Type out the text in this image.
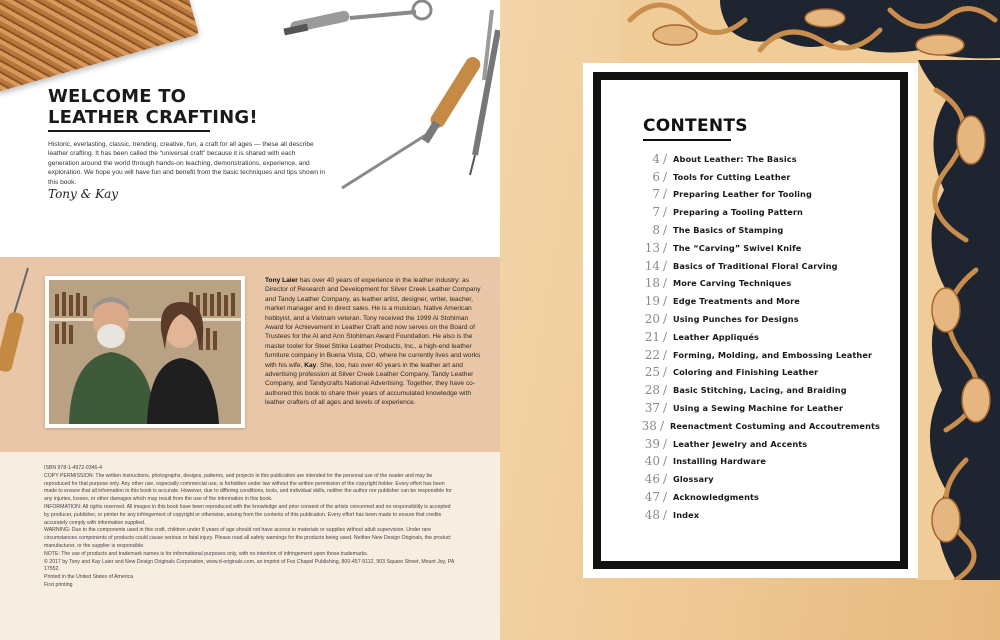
WELCOME TO
LEATHER CRAFTING!
Historic, everlasting, classic, trending, creative, fun, a craft for all ages — these all describe leather crafting. It has been called the “universal craft” because it is shared with each generation around the world through hands-on teaching, demonstrations, experience, and exploration. We hope you will have fun and benefit from the basic techniques and tips shown in this book.
Tony & Kay
Tony Laier has over 40 years of experience in the leather industry: as Director of Research and Development for Silver Creek Leather Company and Tandy Leather Company, as leather artist, designer, writer, teacher, market manager and in direct sales. He is a musician, Native American hobbyist, and a Vietnam veteran. Tony received the 1999 Al Stohlman Award for Achievement in Leather Craft and now serves on the Board of Trustees for the Al and Ann Stohlman Award Foundation. He also is the master tooler for Steel Strike Leather Products, Inc., a high-end leather furniture company in Buena Vista, CO, where he currently lives and works with his wife, Kay. She, too, has over 40 years in the leather art and advertising profession at Silver Creek Leather Company, Tandy Leather Company, and Tandycrafts National Advertising. Together, they have co-authored this book to share their years of accumulated knowledge with leather crafters of all ages and levels of experience.
ISBN 978-1-4972-0346-4
COPY PERMISSION: The written instructions, photographs, designs, patterns, and projects in this publication are intended for the personal use of the reader and may be reproduced for that purpose only. Any other use, especially commercial use, is forbidden under law without the written permission of the copyright holder. Every effort has been made to ensure that all information in this book is accurate. However, due to differing conditions, tools, and individual skills, neither the author nor publisher can be responsible for any injuries, losses, or other damages which may result from the use of the information in this book.
INFORMATION: All rights reserved. All images in this book have been reproduced with the knowledge and prior consent of the artists concerned and no responsibility is accepted by producer, publisher, or printer for any infringement of copyright or otherwise, arising from the contents of this publication. Every effort has been made to ensure that credits accurately comply with information supplied.
WARNING: Due to the components used in this craft, children under 8 years of age should not have access to materials or supplies without adult supervision. Under rare circumstances components of products could cause serious or fatal injury. Please read all safety warnings for the products being used. Neither New Design Originals, the product manufacturer, or the supplier is responsible.
NOTE: The use of products and trademark names is for informational purposes only, with no intention of infringement upon those trademarks.
© 2017 by Tony and Kay Laier and New Design Originals Corporation, www.d-originals.com, an imprint of Fox Chapel Publishing, 800-457-9112, 903 Square Street, Mount Joy, PA 17552.
Printed in the United States of America
First printing
CONTENTS
4 / About Leather: The Basics
6 / Tools for Cutting Leather
7 / Preparing Leather for Tooling
7 / Preparing a Tooling Pattern
8 / The Basics of Stamping
13 / The “Carving” Swivel Knife
14 / Basics of Traditional Floral Carving
18 / More Carving Techniques
19 / Edge Treatments and More
20 / Using Punches for Designs
21 / Leather Appliqués
22 / Forming, Molding, and Embossing Leather
25 / Coloring and Finishing Leather
28 / Basic Stitching, Lacing, and Braiding
37 / Using a Sewing Machine for Leather
38 / Reenactment Costuming and Accoutrements
39 / Leather Jewelry and Accents
40 / Installing Hardware
46 / Glossary
47 / Acknowledgments
48 / Index
